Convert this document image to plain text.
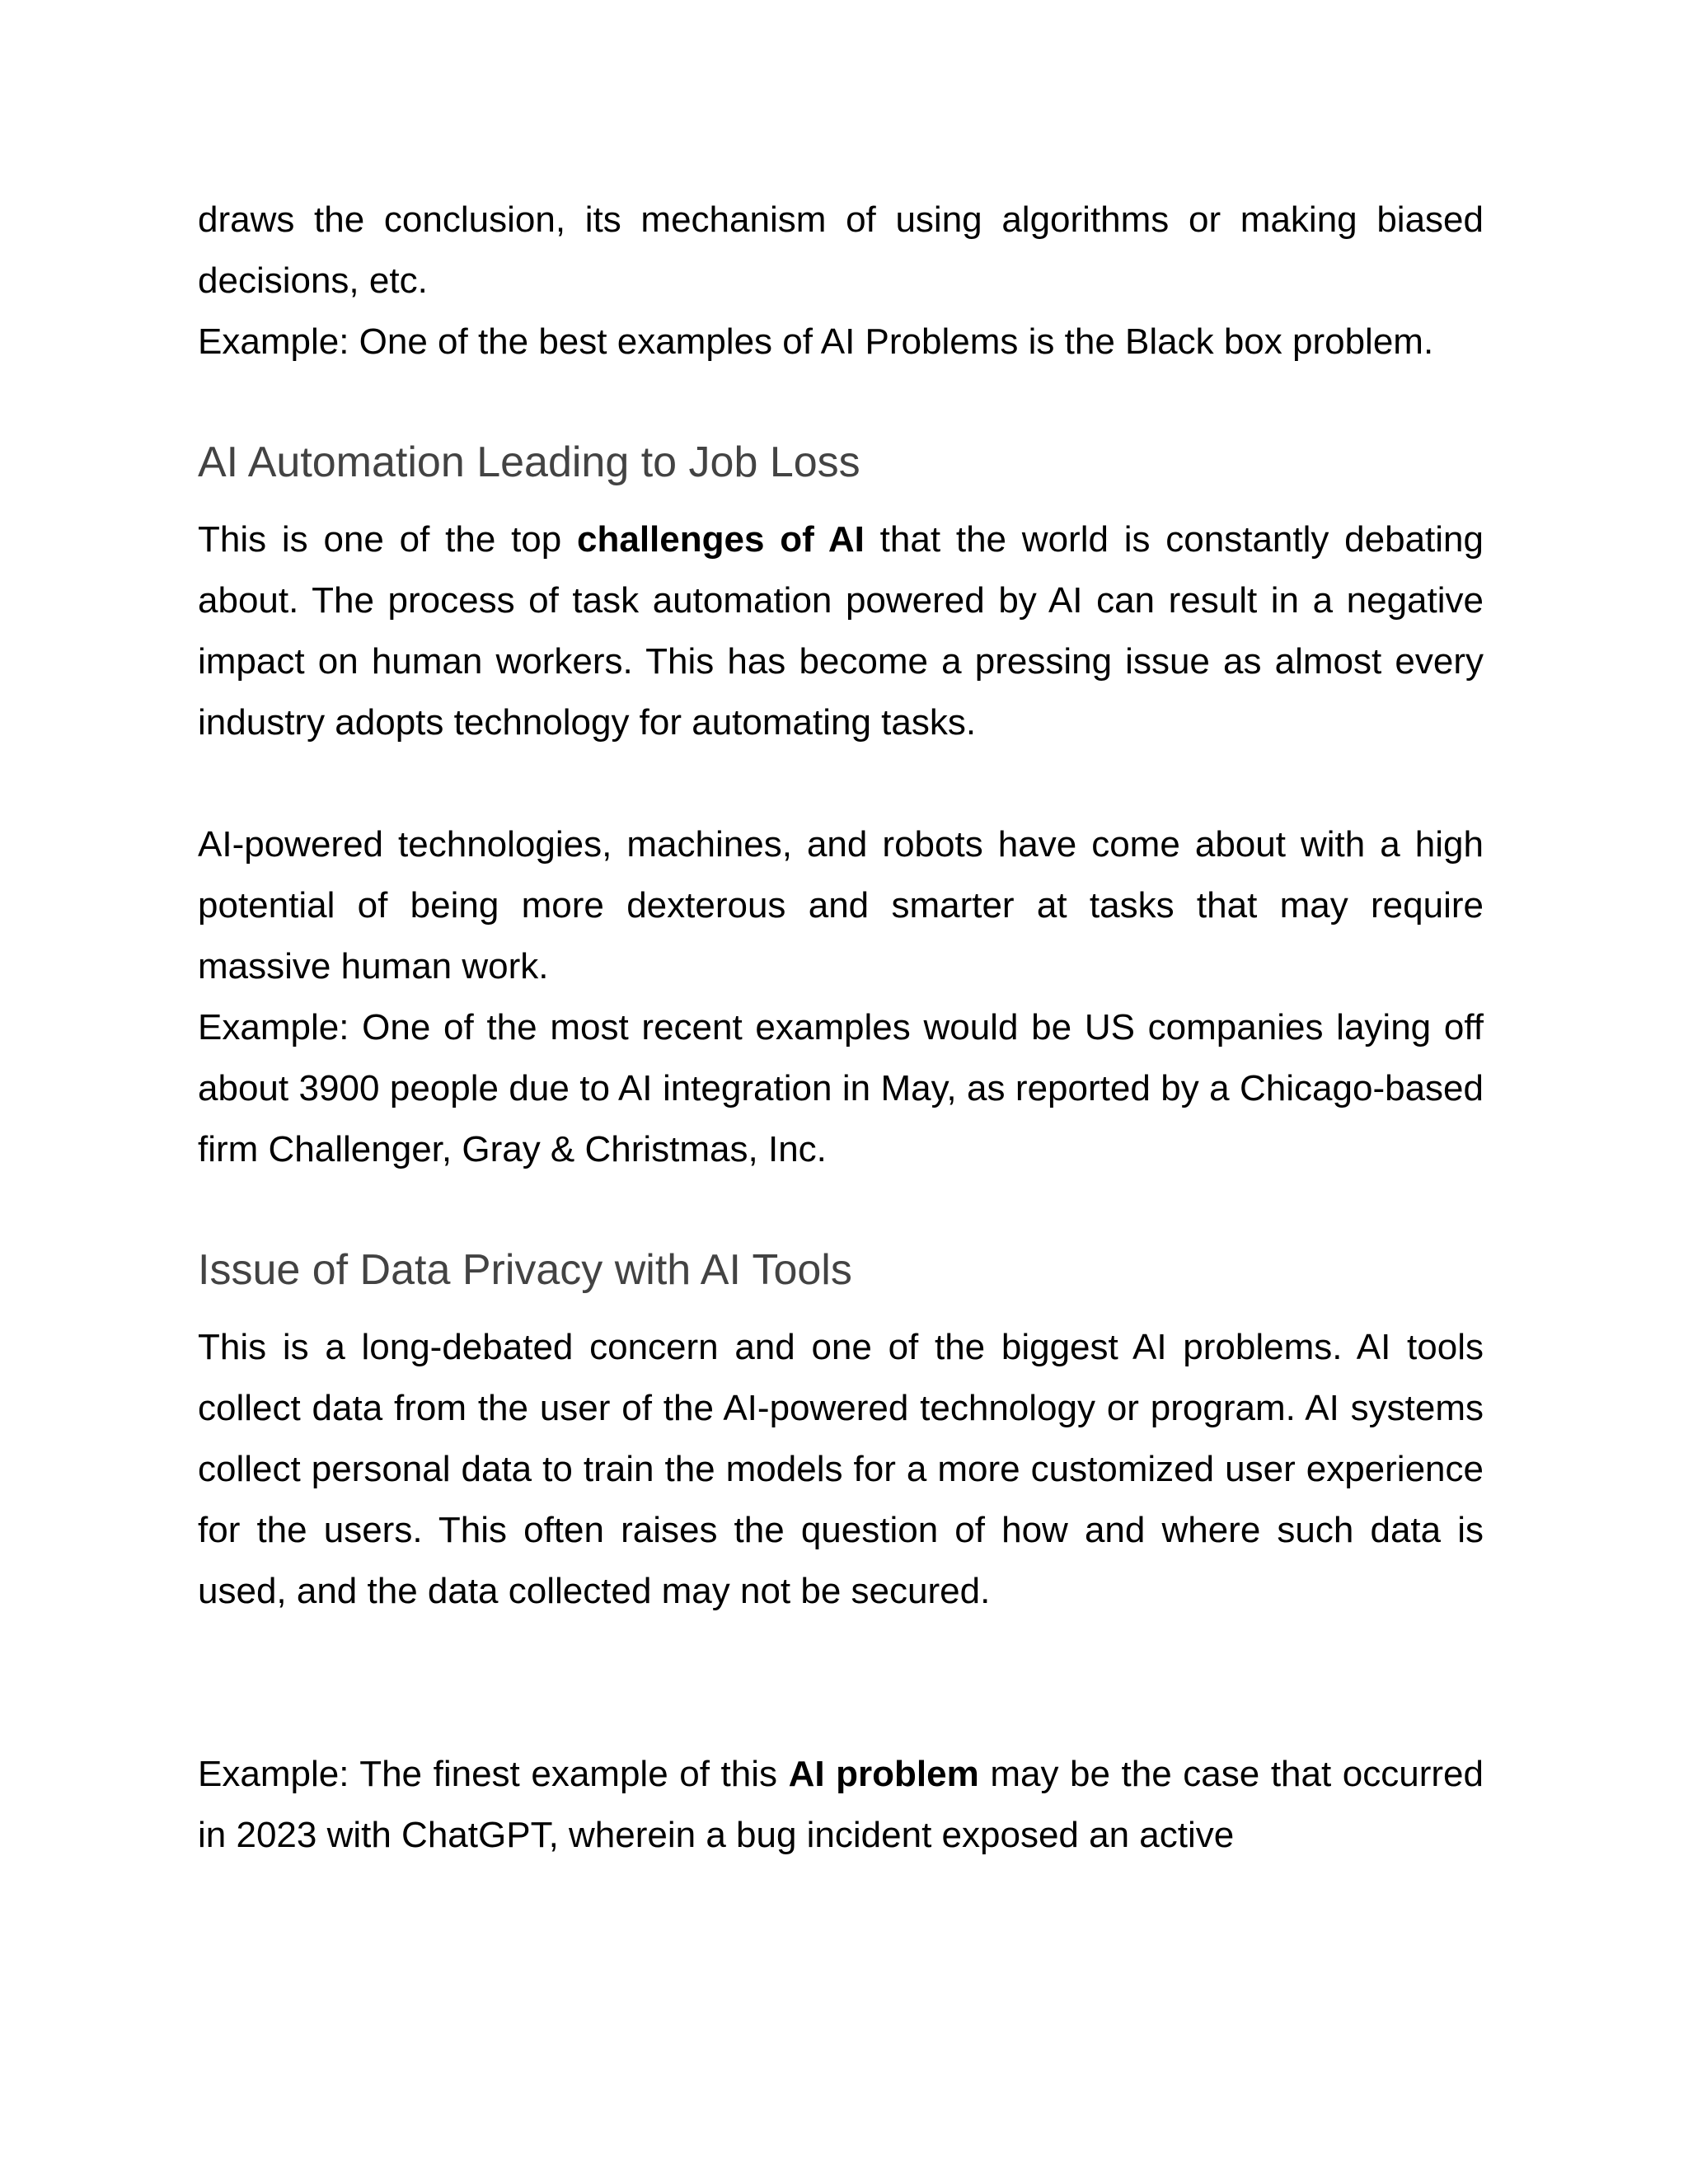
draws the conclusion, its mechanism of using algorithms or making biased decisions, etc.

Example: One of the best examples of AI Problems is the Black box problem.

AI Automation Leading to Job Loss

This is one of the top challenges of AI that the world is constantly debating about. The process of task automation powered by AI can result in a negative impact on human workers. This has become a pressing issue as almost every industry adopts technology for automating tasks.

AI-powered technologies, machines, and robots have come about with a high potential of being more dexterous and smarter at tasks that may require massive human work.

Example: One of the most recent examples would be US companies laying off about 3900 people due to AI integration in May, as reported by a Chicago-based firm Challenger, Gray & Christmas, Inc.

Issue of Data Privacy with AI Tools

This is a long-debated concern and one of the biggest AI problems. AI tools collect data from the user of the AI-powered technology or program. AI systems collect personal data to train the models for a more customized user experience for the users. This often raises the question of how and where such data is used, and the data collected may not be secured.

Example: The finest example of this AI problem may be the case that occurred in 2023 with ChatGPT, wherein a bug incident exposed an active
